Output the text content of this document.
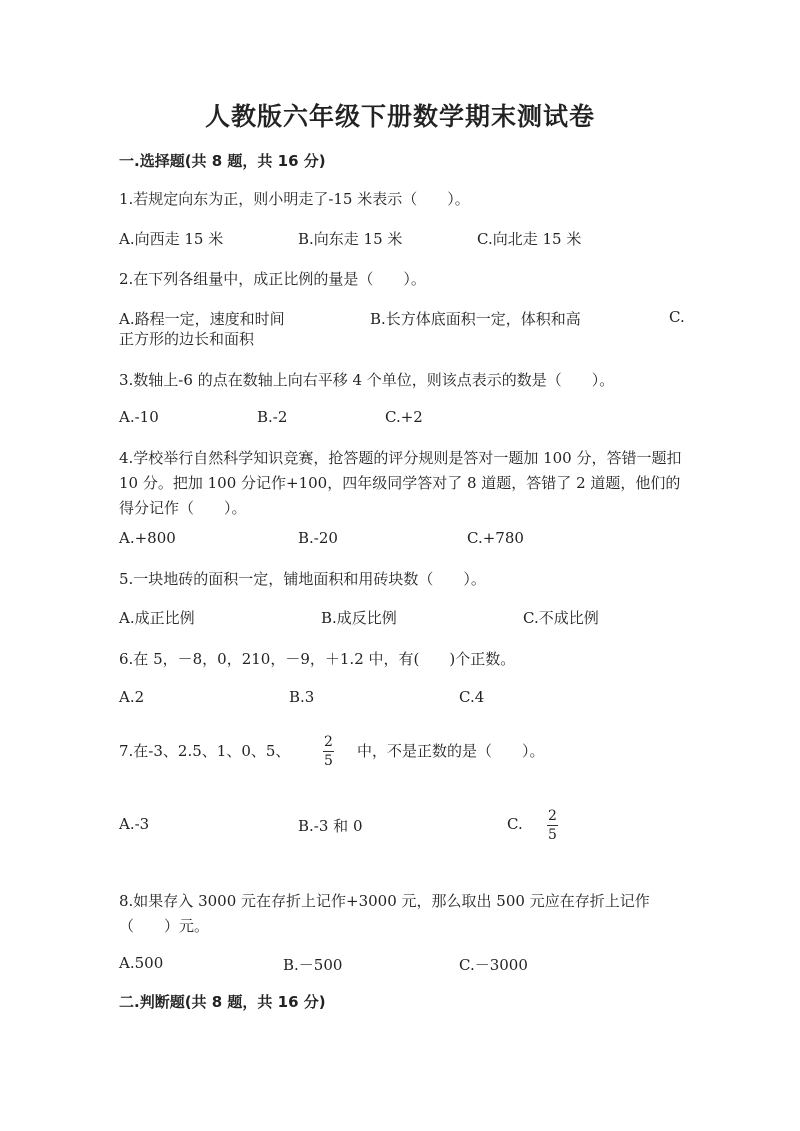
人教版六年级下册数学期末测试卷
一.选择题(共 8 题，共 16 分)
1.若规定向东为正，则小明走了-15 米表示（　　）。
A.向西走 15 米	B.向东走 15 米	C.向北走 15 米
2.在下列各组量中，成正比例的量是（　　）。
A.路程一定，速度和时间	B.长方体底面积一定，体积和高	C.
正方形的边长和面积
3.数轴上-6 的点在数轴上向右平移 4 个单位，则该点表示的数是（　　）。
A.-10	B.-2	C.+2
4.学校举行自然科学知识竞赛，抢答题的评分规则是答对一题加 100 分，答错一题扣 10 分。把加 100 分记作+100，四年级同学答对了 8 道题，答错了 2 道题，他们的得分记作（　　）。
A.+800	B.-20	C.+780
5.一块地砖的面积一定，铺地面积和用砖块数（　　）。
A.成正比例	B.成反比例	C.不成比例
6.在 5，－8，0，210，－9，＋1.2 中，有(　　)个正数。
A.2	B.3	C.4
7.在-3、2.5、1、0、5、 2
5
中，不是正数的是（　　）。
A.-3	B.-3 和 0	C. 2
5
8.如果存入 3000 元在存折上记作+3000 元，那么取出 500 元应在存折上记作（　　）元。
A.500	B.－500	C.－3000
二.判断题(共 8 题，共 16 分)
